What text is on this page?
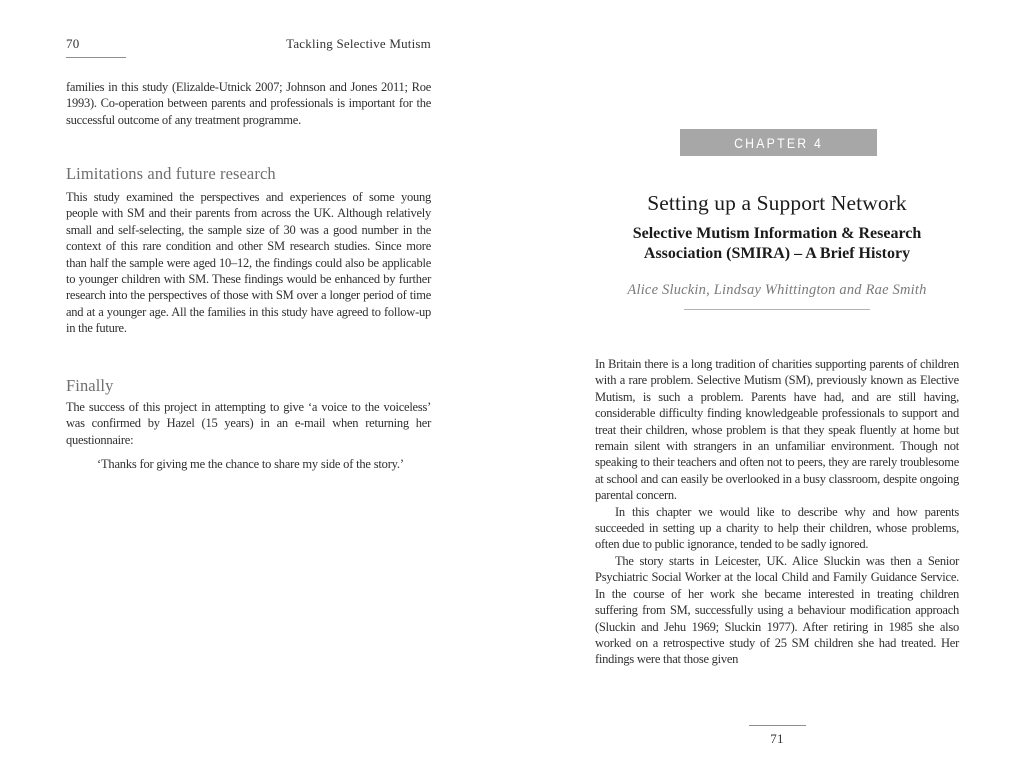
70	Tackling Selective Mutism
families in this study (Elizalde-Utnick 2007; Johnson and Jones 2011; Roe 1993). Co-operation between parents and professionals is important for the successful outcome of any treatment programme.
Limitations and future research
This study examined the perspectives and experiences of some young people with SM and their parents from across the UK. Although relatively small and self-selecting, the sample size of 30 was a good number in the context of this rare condition and other SM research studies. Since more than half the sample were aged 10–12, the findings could also be applicable to younger children with SM. These findings would be enhanced by further research into the perspectives of those with SM over a longer period of time and at a younger age. All the families in this study have agreed to follow-up in the future.
Finally
The success of this project in attempting to give ‘a voice to the voiceless’ was confirmed by Hazel (15 years) in an e-mail when returning her questionnaire:
‘Thanks for giving me the chance to share my side of the story.’
CHAPTER 4
Setting up a Support Network
Selective Mutism Information & Research Association (SMIRA) – A Brief History
Alice Sluckin, Lindsay Whittington and Rae Smith

In Britain there is a long tradition of charities supporting parents of children with a rare problem. Selective Mutism (SM), previously known as Elective Mutism, is such a problem. Parents have had, and are still having, considerable difficulty finding knowledgeable professionals to support and treat their children, whose problem is that they speak fluently at home but remain silent with strangers in an unfamiliar environment. Though not speaking to their teachers and often not to peers, they are rarely troublesome at school and can easily be overlooked in a busy classroom, despite ongoing parental concern.

In this chapter we would like to describe why and how parents succeeded in setting up a charity to help their children, whose problems, often due to public ignorance, tended to be sadly ignored.

The story starts in Leicester, UK. Alice Sluckin was then a Senior Psychiatric Social Worker at the local Child and Family Guidance Service. In the course of her work she became interested in treating children suffering from SM, successfully using a behaviour modification approach (Sluckin and Jehu 1969; Sluckin 1977). After retiring in 1985 she also worked on a retrospective study of 25 SM children she had treated. Her findings were that those given

71
